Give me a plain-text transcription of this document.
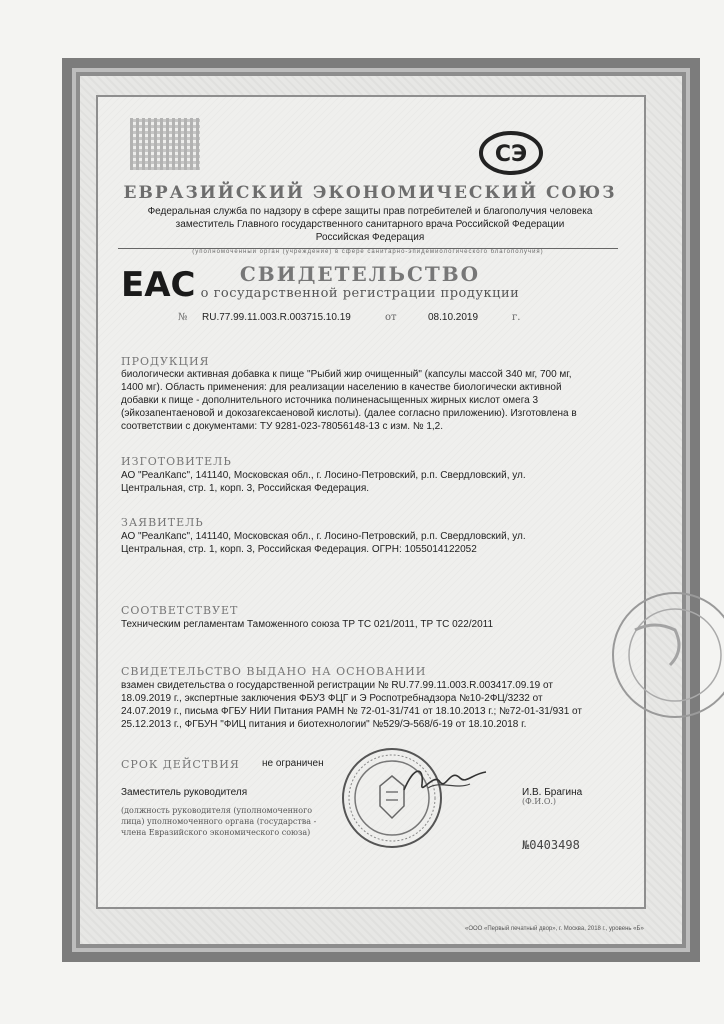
СЭ
ЕВРАЗИЙСКИЙ ЭКОНОМИЧЕСКИЙ СОЮЗ
Федеральная служба по надзору в сфере защиты прав потребителей и благополучия человека
заместитель Главного государственного санитарного врача Российской Федерации
Российская Федерация
(уполномоченный орган (учреждение) в сфере санитарно-эпидемиологического благополучия)
EAC	СВИДЕТЕЛЬСТВО
о государственной регистрации продукции
№ RU.77.99.11.003.R.003715.10.19	от	08.10.2019	г.
ПРОДУКЦИЯ
биологически активная добавка к пище "Рыбий жир очищенный" (капсулы массой 340 мг, 700 мг,
1400 мг). Область применения: для реализации населению в качестве биологически активной
добавки к пище - дополнительного источника полиненасыщенных жирных кислот омега 3
(эйкозапентаеновой и докозагексаеновой кислоты). (далее согласно приложению). Изготовлена в
соответствии с документами: ТУ 9281-023-78056148-13 с изм. № 1,2.
ИЗГОТОВИТЕЛЬ
АО "РеалКапс", 141140, Московская обл., г. Лосино-Петровский, р.п. Свердловский, ул.
Центральная, стр. 1, корп. 3, Российская Федерация.
ЗАЯВИТЕЛЬ
АО "РеалКапс", 141140, Московская обл., г. Лосино-Петровский, р.п. Свердловский, ул.
Центральная, стр. 1, корп. 3, Российская Федерация. ОГРН: 1055014122052
СООТВЕТСТВУЕТ
Техническим регламентам Таможенного союза ТР ТС 021/2011, ТР ТС 022/2011
СВИДЕТЕЛЬСТВО ВЫДАНО НА ОСНОВАНИИ
взамен свидетельства о государственной регистрации № RU.77.99.11.003.R.003417.09.19 от
18.09.2019 г., экспертные заключения ФБУЗ ФЦГ и Э Роспотребнадзора №10-2ФЦ/3232 от
24.07.2019 г., письма ФГБУ НИИ Питания РАМН № 72-01-31/741 от 18.10.2013 г.; №72-01-31/931 от
25.12.2013 г., ФГБУН "ФИЦ питания и биотехнологии" №529/Э-568/б-19 от 18.10.2018 г.
СРОК ДЕЙСТВИЯ не ограничен
Заместитель руководителя	И.В. Брагина
(должность руководителя (уполномоченного
лица) уполномоченного органа (государства -
члена Евразийского экономического союза)
(Ф.И.О.)
№0403498
«ООО «Первый печатный двор», г. Москва, 2018 г., уровень «Б»
